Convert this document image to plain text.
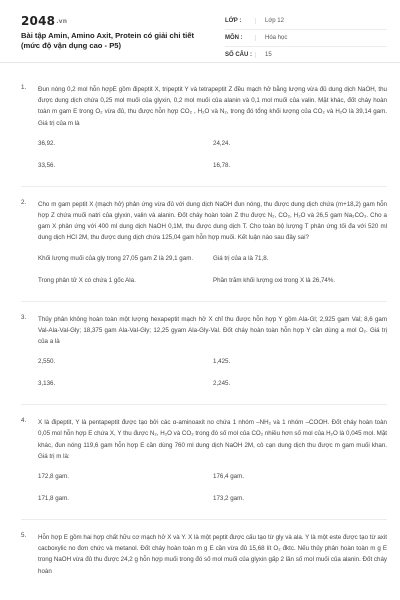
2048.vn
Bài tập Amin, Amino Axit, Protein có giải chi tiết (mức độ vận dụng cao - P5)
LỚP :	Lớp 12
MÔN :	Hóa học
SỐ CÂU :	15
1. Đun nóng 0,2 mol hỗn hợpE gồm đipeptit X, tripeptit Y và tetrapeptit Z đều mạch hở bằng lượng vừa đủ dung dịch NaOH, thu được dung dịch chứa 0,25 mol muối của glyxin, 0,2 mol muối của alanin và 0,1 mol muối của valin. Mặt khác, đốt cháy hoàn toàn m gam E trong O₂ vừa đủ, thu được hỗn hợp CO₂ , H₂O và N₂, trong đó tổng khối lượng của CO₂ và H₂O là 39,14 gam. Giá trị của m là
36,92.	24,24.
33,56.	16,78.
2. Cho m gam peptit X (mạch hở) phản ứng vừa đủ với dung dịch NaOH đun nóng, thu được dung dịch chứa (m+18,2) gam hỗn hợp Z chứa muối natri của glyxin, valin và alanin. Đốt cháy hoàn toàn Z thu được N₂, CO₂, H₂O và 26,5 gam Na₂CO₃. Cho a gam X phản ứng với 400 ml dung dịch NaOH 0,1M, thu được dung dịch T. Cho toàn bộ lượng T phản ứng tối đa với 520 ml dung dịch HCl 2M, thu được dung dịch chứa 125,04 gam hỗn hợp muối. Kết luận nào sau đây sai?
Khối lượng muối của gly trong 27,05 gam Z là 29,1 gam.	Giá trị của a là 71,8.
Trong phân tử X có chứa 1 gốc Ala.	Phần trăm khối lượng oxi trong X là 26,74%.
3. Thủy phân không hoàn toàn một lượng hexapeptit mạch hở X chỉ thu được hỗn hợp Y gồm Ala-Gl; 2,925 gam Val; 8,6 gam Val-Ala-Val-Gly; 18,375 gam Ala-Val-Gly; 12,25 gyam Ala-Gly-Val. Đốt cháy hoàn toàn hỗn hợp Y cần dùng a mol O₂. Giá trị của a là
2,550.	1,425.
3,136.	2,245.
4. X là đipeptit, Y là pentapeptit được tạo bởi các α-aminoaxit no chứa 1 nhóm –NH₂ và 1 nhóm –COOH. Đốt cháy hoàn toàn 0,05 mol hỗn hợp E chứa X, Y thu được N₂, H₂O và CO₂ trong đó số mol của CO₂ nhiều hơn số mol của H₂O là 0,045 mol. Mặt khác, đun nóng 119,6 gam hỗn hợp E cần dùng 760 ml dung dịch NaOH 2M, cô cạn dung dịch thu được m gam muối khan. Giá trị m là:
172,8 gam.	176,4 gam.
171,8 gam.	173,2 gam.
5. Hỗn hợp E gồm hai hợp chất hữu cơ mạch hở X và Y. X là một peptit được cấu tạo từ gly và ala. Y là một este được tạo từ axit cacboxylic no đơn chức và metanol. Đốt cháy hoàn toàn m g E cần vừa đủ 15,68 lít O₂ đktc. Nếu thủy phân hoàn toàn m g E trong NaOH vừa đủ thu được 24,2 g hỗn hợp muối trong đó số mol muối của glyxin gấp 2 lần số mol muối của alanin. Đốt cháy hoàn
